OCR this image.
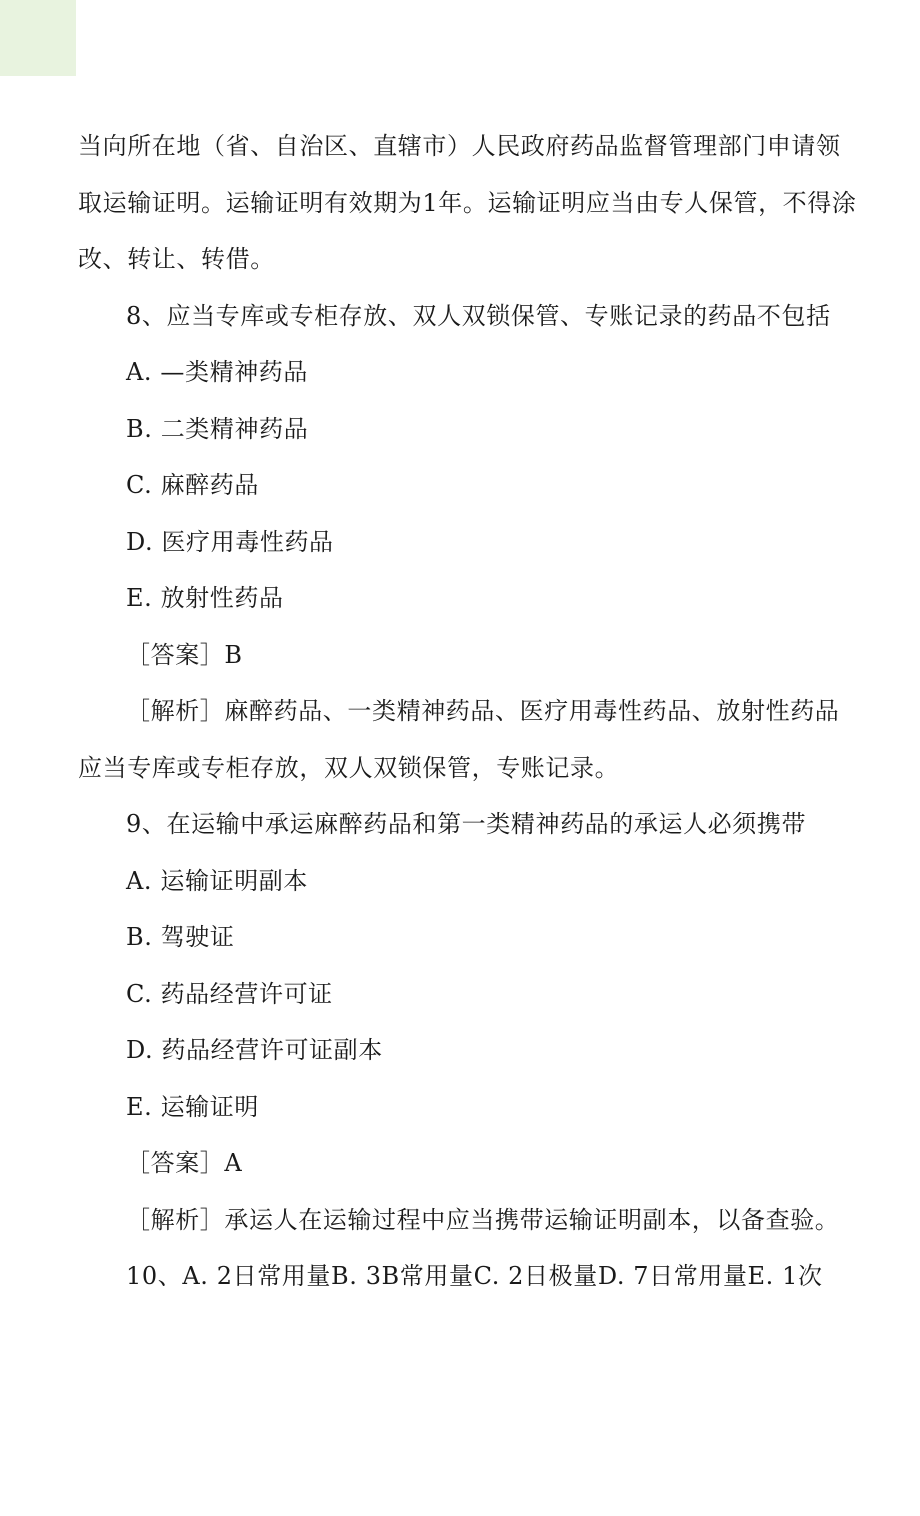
当向所在地（省、自治区、直辖市）人民政府药品监督管理部门申请领
取运输证明。运输证明有效期为1年。运输证明应当由专人保管，不得涂
改、转让、转借。
8、应当专库或专柜存放、双人双锁保管、专账记录的药品不包括
A. —类精神药品
B. 二类精神药品
C. 麻醉药品
D. 医疗用毒性药品
E. 放射性药品
［答案］B
［解析］麻醉药品、一类精神药品、医疗用毒性药品、放射性药品
应当专库或专柜存放，双人双锁保管，专账记录。
9、在运输中承运麻醉药品和第一类精神药品的承运人必须携带
A. 运输证明副本
B. 驾驶证
C. 药品经营许可证
D. 药品经营许可证副本
E. 运输证明
［答案］A
［解析］承运人在运输过程中应当携带运输证明副本，以备查验。
10、A. 2日常用量B. 3B常用量C. 2日极量D. 7日常用量E. 1次
